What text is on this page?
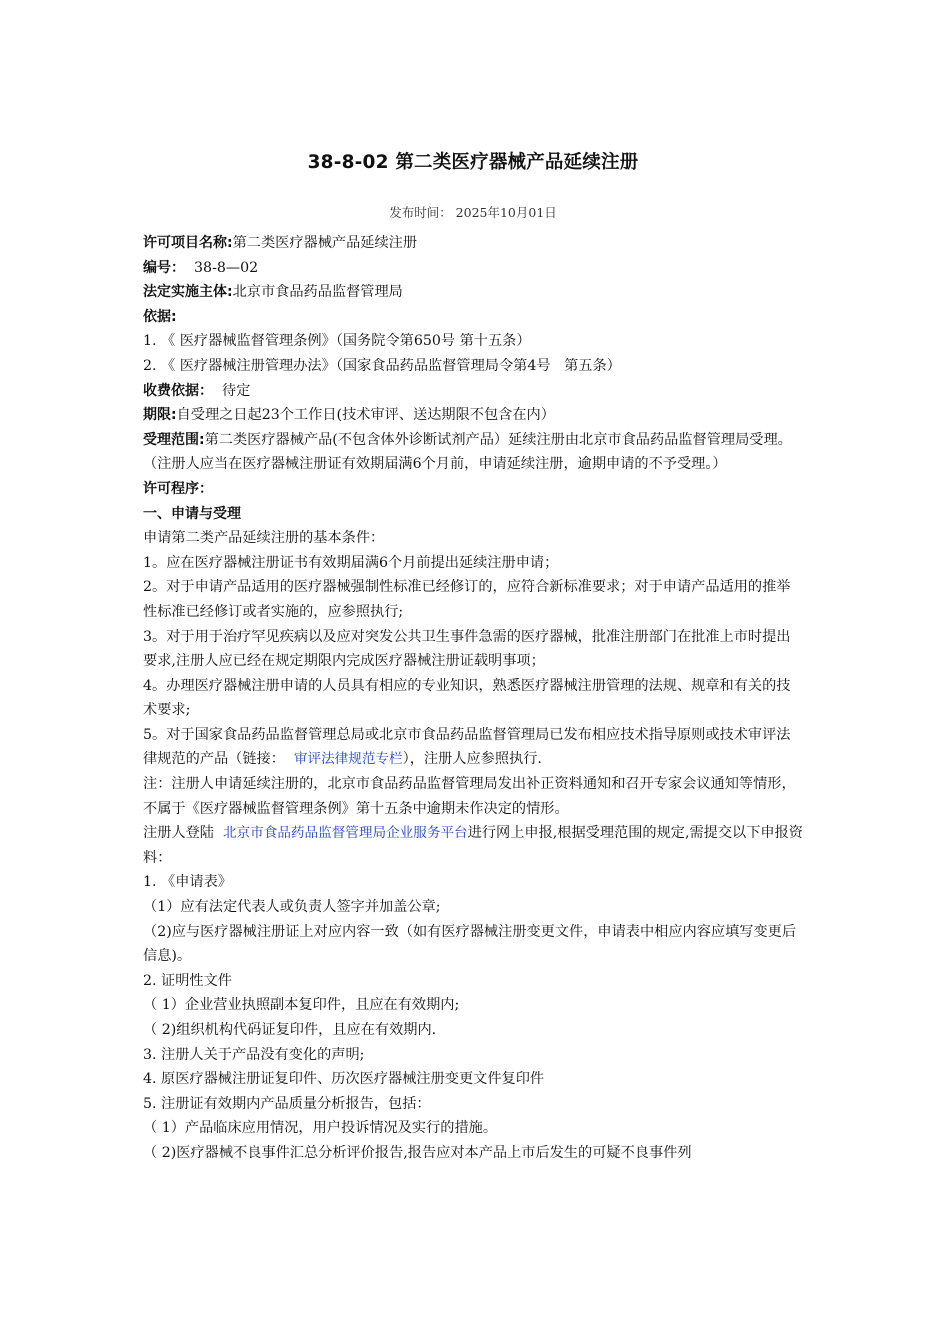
38-8-02 第二类医疗器械产品延续注册
发布时间： 2025年10月01日
许可项目名称:第二类医疗器械产品延续注册
编号：  38-8—02
法定实施主体:北京市食品药品监督管理局
依据:
1. 《 医疗器械监督管理条例》（国务院令第650号 第十五条）
2. 《 医疗器械注册管理办法》（国家食品药品监督管理局令第4号   第五条）
收费依据：  待定
期限:自受理之日起23个工作日(技术审评、送达期限不包含在内）
受理范围:第二类医疗器械产品(不包含体外诊断试剂产品）延续注册由北京市食品药品监督管理局受理。（注册人应当在医疗器械注册证有效期届满6个月前，申请延续注册，逾期申请的不予受理。）
许可程序：
一、申请与受理
申请第二类产品延续注册的基本条件：
1。应在医疗器械注册证书有效期届满6个月前提出延续注册申请；
2。对于申请产品适用的医疗器械强制性标准已经修订的，应符合新标准要求；对于申请产品适用的推举性标准已经修订或者实施的，应参照执行;
3。对于用于治疗罕见疾病以及应对突发公共卫生事件急需的医疗器械，批准注册部门在批准上市时提出要求,注册人应已经在规定期限内完成医疗器械注册证载明事项；
4。办理医疗器械注册申请的人员具有相应的专业知识，熟悉医疗器械注册管理的法规、规章和有关的技术要求;
5。对于国家食品药品监督管理总局或北京市食品药品监督管理局已发布相应技术指导原则或技术审评法律规范的产品（链接：  审评法律规范专栏），注册人应参照执行.
注：注册人申请延续注册的，北京市食品药品监督管理局发出补正资料通知和召开专家会议通知等情形，不属于《医疗器械监督管理条例》第十五条中逾期未作决定的情形。
注册人登陆  北京市食品药品监督管理局企业服务平台进行网上申报,根据受理范围的规定,需提交以下申报资料：
1. 《申请表》
（1）应有法定代表人或负责人签字并加盖公章;
（2)应与医疗器械注册证上对应内容一致（如有医疗器械注册变更文件，申请表中相应内容应填写变更后信息)。
2. 证明性文件
（ 1）企业营业执照副本复印件，且应在有效期内;
（ 2)组织机构代码证复印件，且应在有效期内.
3. 注册人关于产品没有变化的声明;
4. 原医疗器械注册证复印件、历次医疗器械注册变更文件复印件
5. 注册证有效期内产品质量分析报告，包括：
（ 1）产品临床应用情况，用户投诉情况及实行的措施。
（ 2)医疗器械不良事件汇总分析评价报告,报告应对本产品上市后发生的可疑不良事件列
